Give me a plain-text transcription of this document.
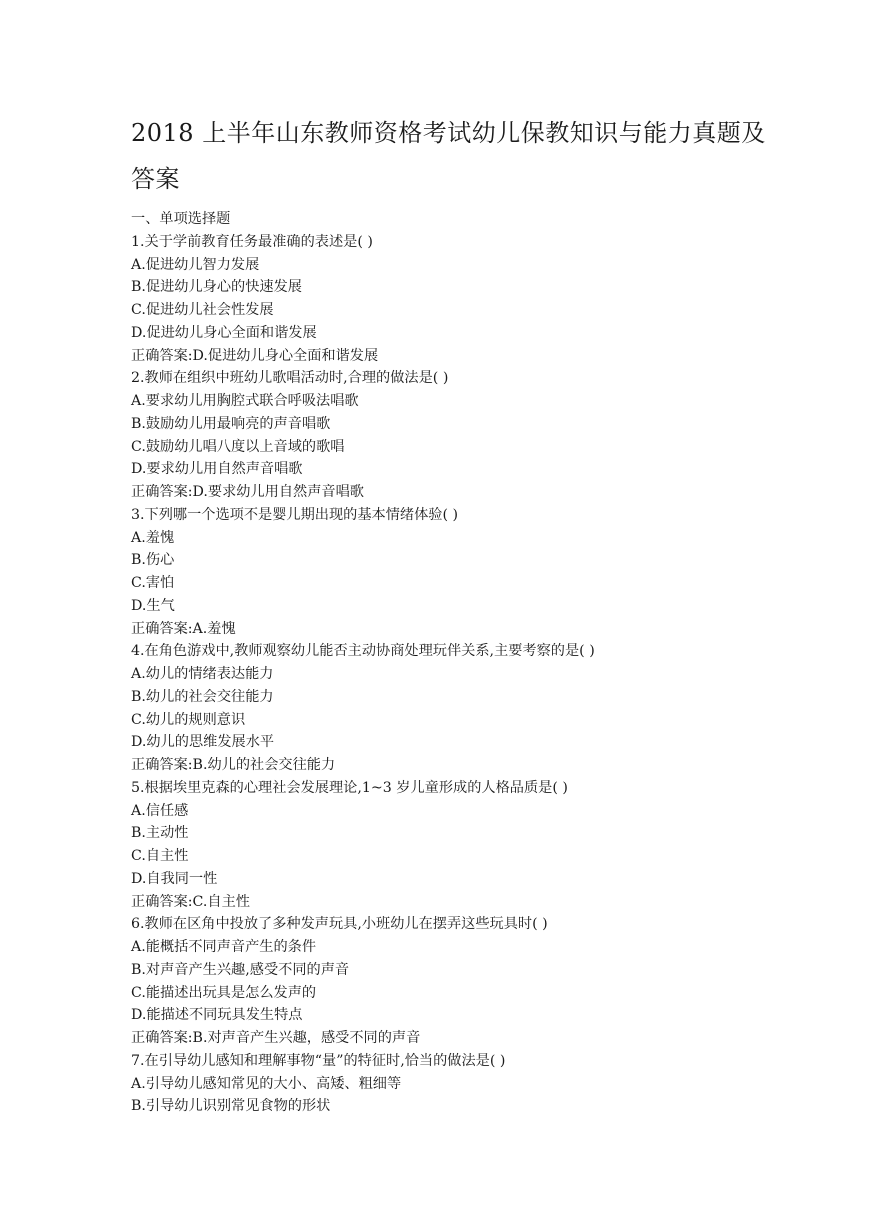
2018 上半年山东教师资格考试幼儿保教知识与能力真题及
答案
一、单项选择题
1.关于学前教育任务最准确的表述是( )
A.促进幼儿智力发展
B.促进幼儿身心的快速发展
C.促进幼儿社会性发展
D.促进幼儿身心全面和谐发展
正确答案:D.促进幼儿身心全面和谐发展
2.教师在组织中班幼儿歌唱活动时,合理的做法是( )
A.要求幼儿用胸腔式联合呼吸法唱歌
B.鼓励幼儿用最响亮的声音唱歌
C.鼓励幼儿唱八度以上音域的歌唱
D.要求幼儿用自然声音唱歌
正确答案:D.要求幼儿用自然声音唱歌
3.下列哪一个选项不是婴儿期出现的基本情绪体验( )
A.羞愧
B.伤心
C.害怕
D.生气
正确答案:A.羞愧
4.在角色游戏中,教师观察幼儿能否主动协商处理玩伴关系,主要考察的是( )
A.幼儿的情绪表达能力
B.幼儿的社会交往能力
C.幼儿的规则意识
D.幼儿的思维发展水平
正确答案:B.幼儿的社会交往能力
5.根据埃里克森的心理社会发展理论,1~3 岁儿童形成的人格品质是( )
A.信任感
B.主动性
C.自主性
D.自我同一性
正确答案:C.自主性
6.教师在区角中投放了多种发声玩具,小班幼儿在摆弄这些玩具时( )
A.能概括不同声音产生的条件
B.对声音产生兴趣,感受不同的声音
C.能描述出玩具是怎么发声的
D.能描述不同玩具发生特点
正确答案:B.对声音产生兴趣，感受不同的声音
7.在引导幼儿感知和理解事物“量”的特征时,恰当的做法是( )
A.引导幼儿感知常见的大小、高矮、粗细等
B.引导幼儿识别常见食物的形状
